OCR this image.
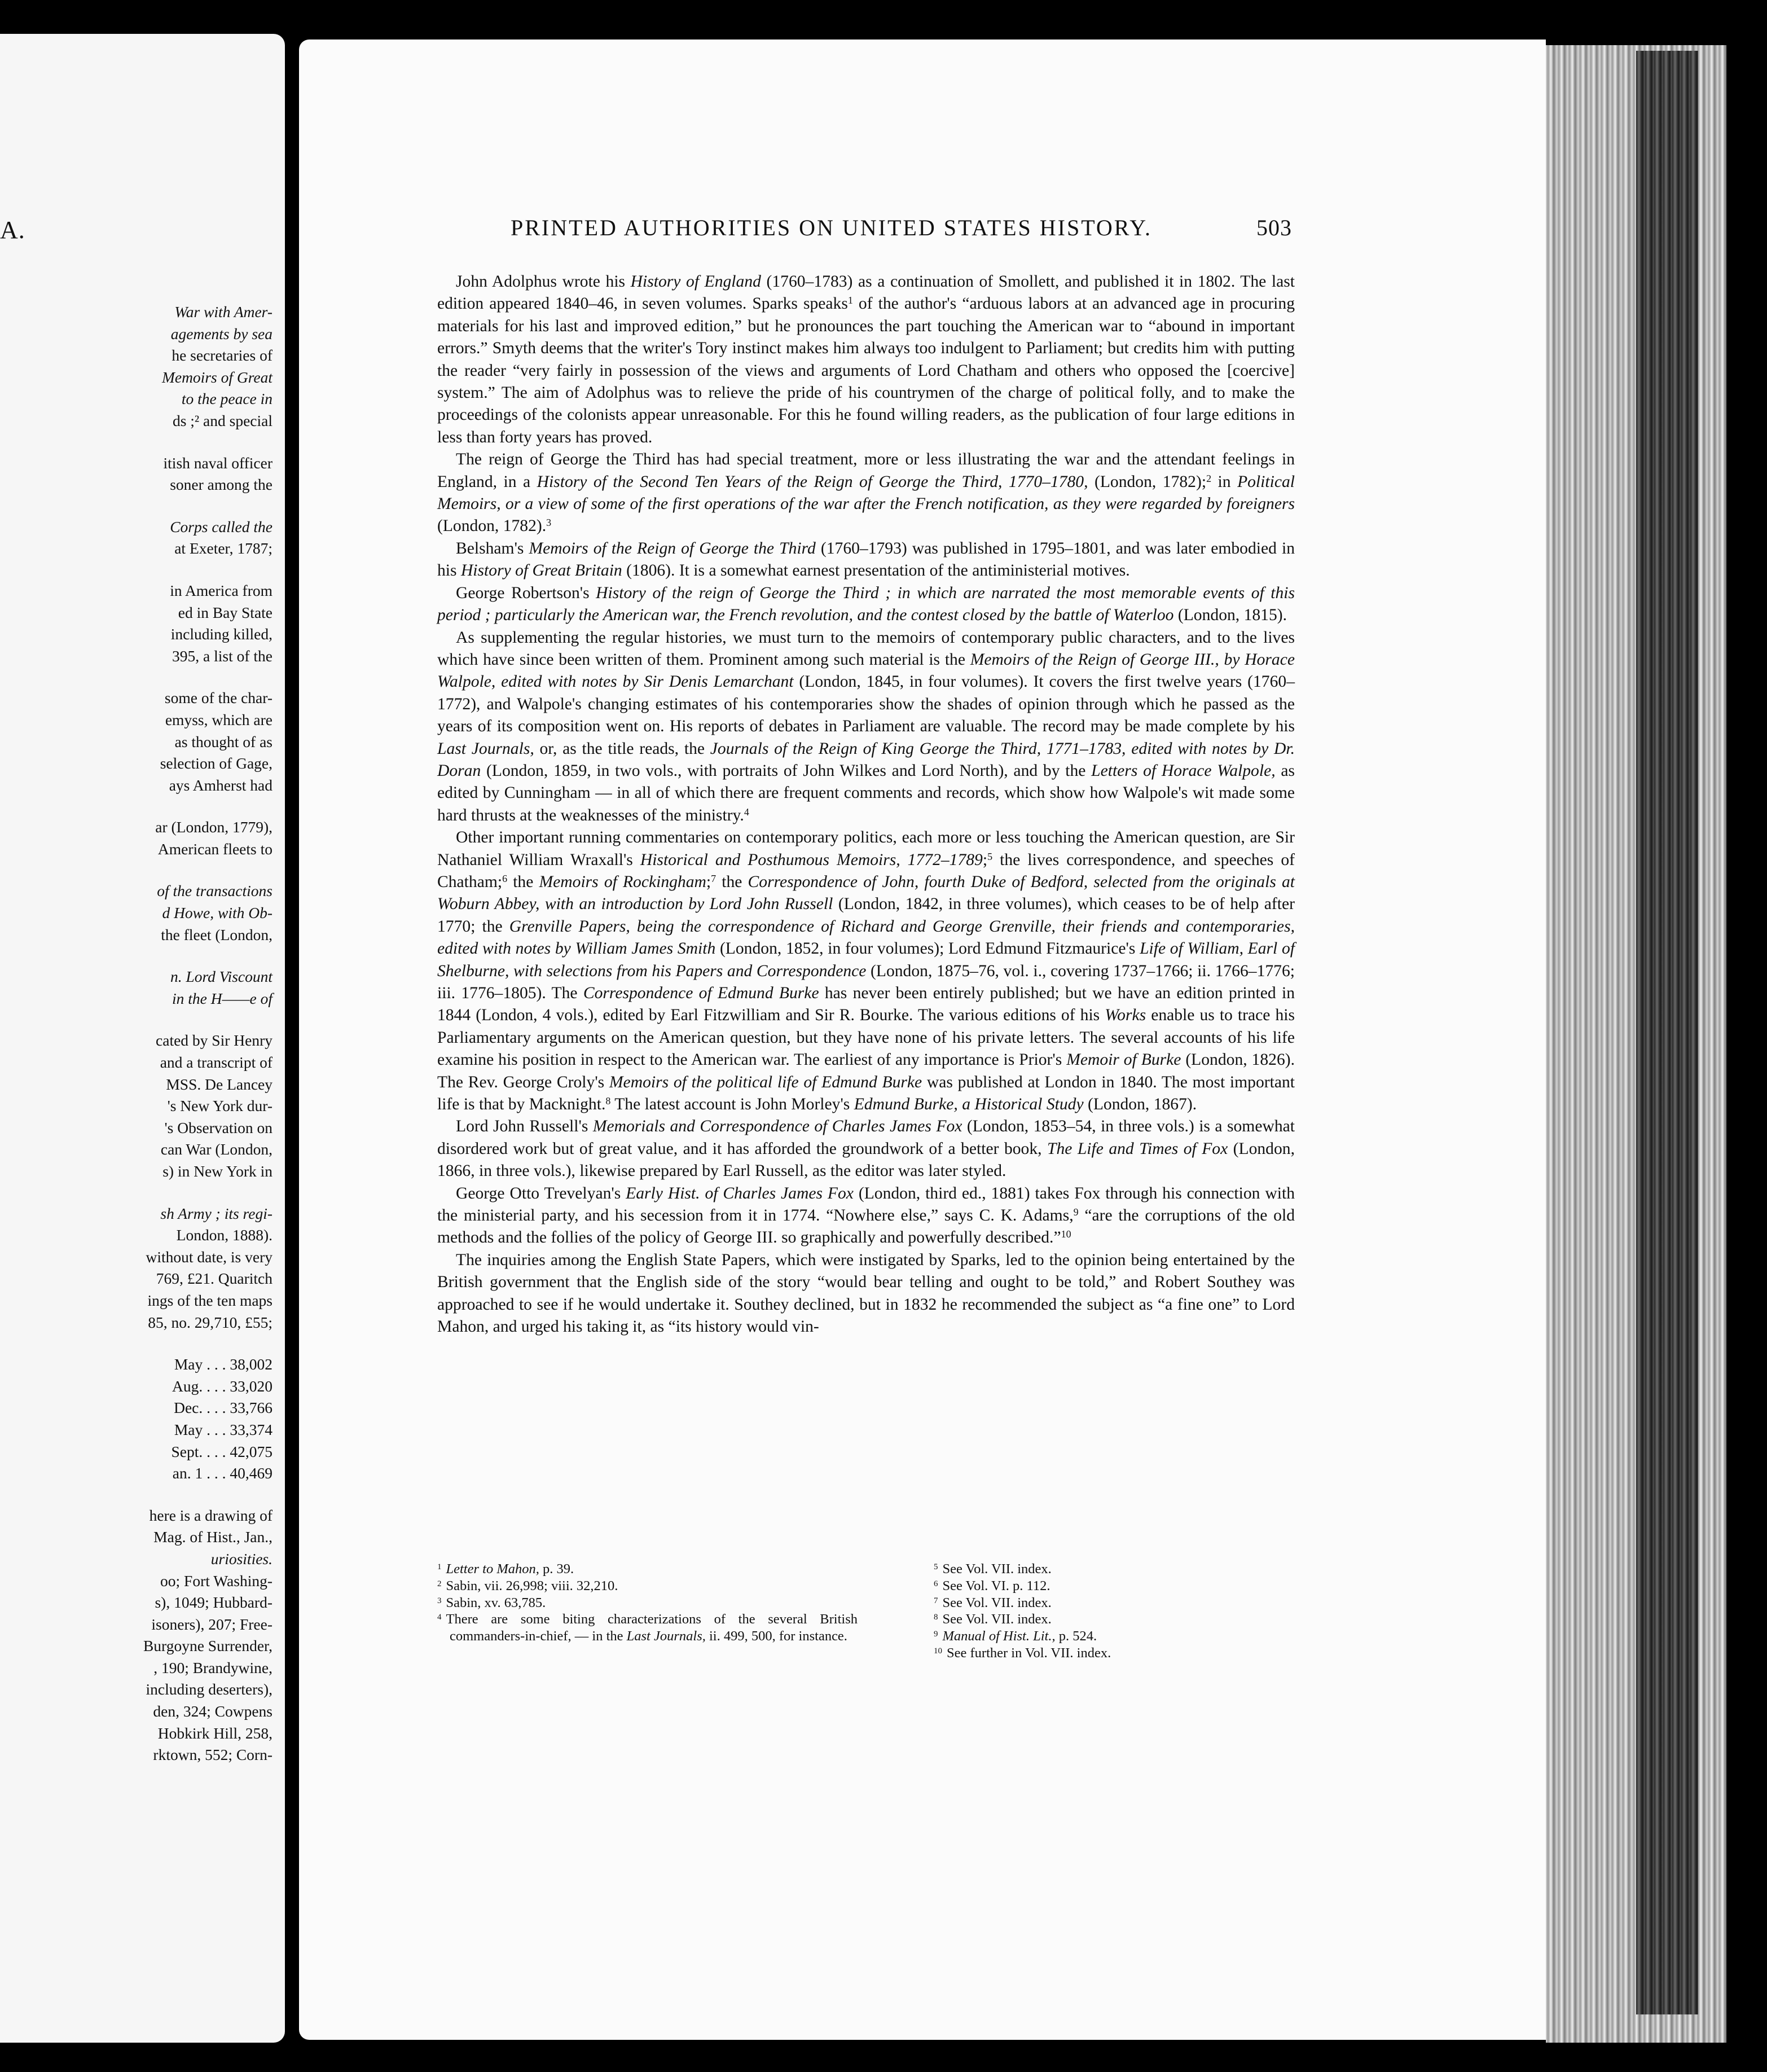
A.
War with Amer-
agements by sea
he secretaries of
Memoirs of Great
to the peace in
ds ;² and special
itish naval officer
soner among the
Corps called the
at Exeter, 1787;
in America from
ed in Bay State
including killed,
395, a list of the
some of the char-
emyss, which are
as thought of as
selection of Gage,
ays Amherst had
ar (London, 1779),
American fleets to
of the transactions
d Howe, with Ob-
the fleet (London,
n. Lord Viscount
in the H——e of
cated by Sir Henry
and a transcript of
MSS. De Lancey
's New York dur-
's Observation on
can War (London,
s) in New York in
sh Army ; its regi-
London, 1888).
without date, is very
769, £21. Quaritch
ings of the ten maps
85, no. 29,710, £55;
May . . . 38,002
Aug. . . . 33,020
Dec. . . . 33,766
May . . . 33,374
Sept. . . . 42,075
an. 1 . . . 40,469
here is a drawing of
Mag. of Hist., Jan.,
uriosities.
oo; Fort Washing-
s), 1049; Hubbard-
isoners), 207; Free-
Burgoyne Surrender,
, 190; Brandywine,
including deserters),
den, 324; Cowpens
Hobkirk Hill, 258,
rktown, 552; Corn-
PRINTED AUTHORITIES ON UNITED STATES HISTORY.	503

John Adolphus wrote his History of England (1760–1783) as a continuation of Smollett, and published it in 1802. The last edition appeared 1840–46, in seven volumes. Sparks speaks$^1$ of the author's “arduous labors at an advanced age in procuring materials for his last and improved edition,” but he pronounces the part touching the American war to “abound in important errors.” Smyth deems that the writer's Tory instinct makes him always too indulgent to Parliament; but credits him with putting the reader “very fairly in possession of the views and arguments of Lord Chatham and others who opposed the [coercive] system.” The aim of Adolphus was to relieve the pride of his countrymen of the charge of political folly, and to make the proceedings of the colonists appear unreasonable. For this he found willing readers, as the publication of four large editions in less than forty years has proved.

The reign of George the Third has had special treatment, more or less illustrating the war and the attendant feelings in England, in a History of the Second Ten Years of the Reign of George the Third, 1770–1780, (London, 1782);$^2$ in Political Memoirs, or a view of some of the first operations of the war after the French notification, as they were regarded by foreigners (London, 1782).$^3$

Belsham's Memoirs of the Reign of George the Third (1760–1793) was published in 1795–1801, and was later embodied in his History of Great Britain (1806). It is a somewhat earnest presentation of the antiministerial motives.

George Robertson's History of the reign of George the Third ; in which are narrated the most memorable events of this period ; particularly the American war, the French revolution, and the contest closed by the battle of Waterloo (London, 1815).

As supplementing the regular histories, we must turn to the memoirs of contemporary public characters, and to the lives which have since been written of them. Prominent among such material is the Memoirs of the Reign of George III., by Horace Walpole, edited with notes by Sir Denis Lemarchant (London, 1845, in four volumes). It covers the first twelve years (1760–1772), and Walpole's changing estimates of his contemporaries show the shades of opinion through which he passed as the years of its composition went on. His reports of debates in Parliament are valuable. The record may be made complete by his Last Journals, or, as the title reads, the Journals of the Reign of King George the Third, 1771–1783, edited with notes by Dr. Doran (London, 1859, in two vols., with portraits of John Wilkes and Lord North), and by the Letters of Horace Walpole, as edited by Cunningham — in all of which there are frequent comments and records, which show how Walpole's wit made some hard thrusts at the weaknesses of the ministry.$^4$

Other important running commentaries on contemporary politics, each more or less touching the American question, are Sir Nathaniel William Wraxall's Historical and Posthumous Memoirs, 1772–1789;$^5$ the lives correspondence, and speeches of Chatham;$^6$ the Memoirs of Rockingham;$^7$ the Correspondence of John, fourth Duke of Bedford, selected from the originals at Woburn Abbey, with an introduction by Lord John Russell (London, 1842, in three volumes), which ceases to be of help after 1770; the Grenville Papers, being the correspondence of Richard and George Grenville, their friends and contemporaries, edited with notes by William James Smith (London, 1852, in four volumes); Lord Edmund Fitzmaurice's Life of William, Earl of Shelburne, with selections from his Papers and Correspondence (London, 1875–76, vol. i., covering 1737–1766; ii. 1766–1776; iii. 1776–1805). The Correspondence of Edmund Burke has never been entirely published; but we have an edition printed in 1844 (London, 4 vols.), edited by Earl Fitzwilliam and Sir R. Bourke. The various editions of his Works enable us to trace his Parliamentary arguments on the American question, but they have none of his private letters. The several accounts of his life examine his position in respect to the American war. The earliest of any importance is Prior's Memoir of Burke (London, 1826). The Rev. George Croly's Memoirs of the political life of Edmund Burke was published at London in 1840. The most important life is that by Macknight.$^8$ The latest account is John Morley's Edmund Burke, a Historical Study (London, 1867).

Lord John Russell's Memorials and Correspondence of Charles James Fox (London, 1853–54, in three vols.) is a somewhat disordered work but of great value, and it has afforded the groundwork of a better book, The Life and Times of Fox (London, 1866, in three vols.), likewise prepared by Earl Russell, as the editor was later styled.

George Otto Trevelyan's Early Hist. of Charles James Fox (London, third ed., 1881) takes Fox through his connection with the ministerial party, and his secession from it in 1774. “Nowhere else,” says C. K. Adams,$^9$ “are the corruptions of the old methods and the follies of the policy of George III. so graphically and powerfully described.”$^{10}$

The inquiries among the English State Papers, which were instigated by Sparks, led to the opinion being entertained by the British government that the English side of the story “would bear telling and ought to be told,” and Robert Southey was approached to see if he would undertake it. Southey declined, but in 1832 he recommended the subject as “a fine one” to Lord Mahon, and urged his taking it, as “its history would vin-

$^1$ Letter to Mahon, p. 39.
$^2$ Sabin, vii. 26,998; viii. 32,210.
$^3$ Sabin, xv. 63,785.
$^4$ There are some biting characterizations of the several British commanders-in-chief, — in the Last Journals, ii. 499, 500, for instance.
$^5$ See Vol. VII. index.
$^6$ See Vol. VI. p. 112.
$^7$ See Vol. VII. index.
$^8$ See Vol. VII. index.
$^9$ Manual of Hist. Lit., p. 524.
$^{10}$ See further in Vol. VII. index.
